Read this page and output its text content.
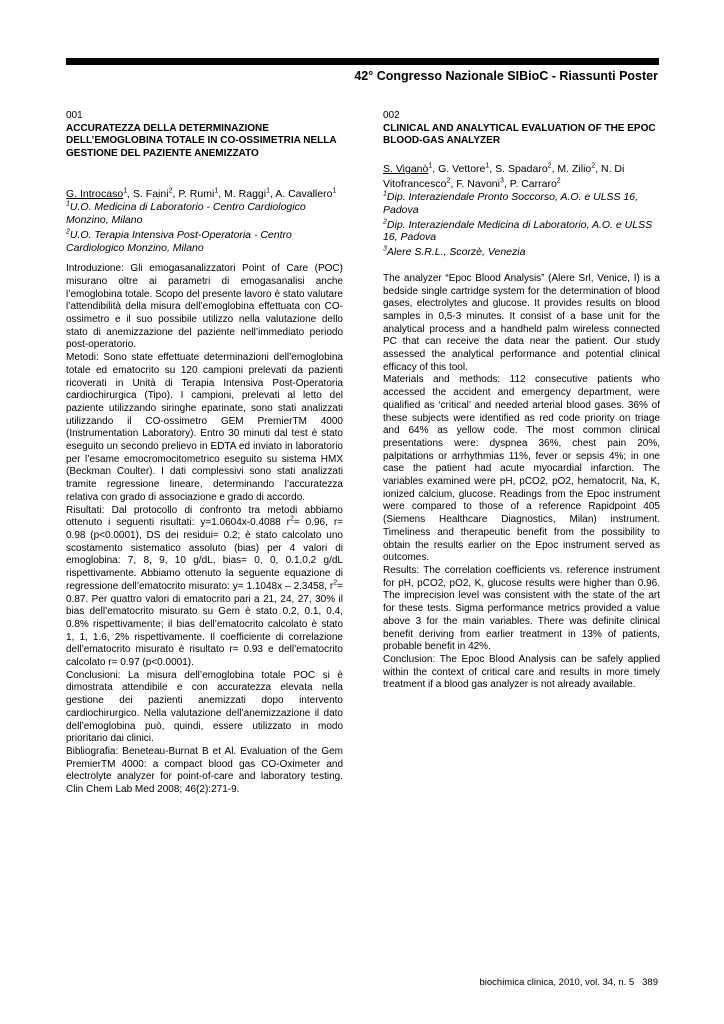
42° Congresso Nazionale SIBioC - Riassunti Poster

001

ACCURATEZZA DELLA DETERMINAZIONE DELL’EMOGLOBINA TOTALE IN CO-OSSIMETRIA NELLA GESTIONE DEL PAZIENTE ANEMIZZATO

G. Introcaso$^1$, S. Faini$^2$, P. Rumi$^1$, M. Raggi$^1$, A. Cavallero$^1$

$^1$U.O. Medicina di Laboratorio - Centro Cardiologico Monzino, Milano

$^2$U.O. Terapia Intensiva Post-Operatoria - Centro Cardiologico Monzino, Milano

Introduzione: Gli emogasanalizzatori Point of Care (POC) misurano oltre ai parametri di emogasanalisi anche l’emoglobina totale. Scopo del presente lavoro è stato valutare l’attendibilità della misura dell’emoglobina effettuata con CO-ossimetro e il suo possibile utilizzo nella valutazione dello stato di anemizzazione del paziente nell’immediato periodo post-operatorio.

Metodi: Sono state effettuate determinazioni dell’emoglobina totale ed ematocrito su 120 campioni prelevati da pazienti ricoverati in Unità di Terapia Intensiva Post-Operatoria cardiochirurgica (Tipo). I campioni, prelevati al letto del paziente utilizzando siringhe eparinate, sono stati analizzati utilizzando il CO-ossimetro GEM PremierTM 4000 (Instrumentation Laboratory). Entro 30 minuti dal test è stato eseguito un secondo prelievo in EDTA ed inviato in laboratorio per l’esame emocromocitometrico eseguito su sistema HMX (Beckman Coulter). I dati complessivi sono stati analizzati tramite regressione lineare, determinando l’accuratezza relativa con grado di associazione e grado di accordo.

Risultati: Dal protocollo di confronto tra metodi abbiamo ottenuto i seguenti risultati: y=1.0604x-0.4088 $r^2= 0.96$, r= 0.98 (p<0.0001), DS dei residui= 0.2; è stato calcolato uno scostamento sistematico assoluto (bias) per 4 valori di emoglobina: 7, 8, 9, 10 g/dL, bias= 0, 0, 0.1,0.2 g/dL rispettivamente. Abbiamo ottenuto la seguente equazione di regressione dell’ematocrito misurato: y= 1.1048x – 2.3458, $r^2= 0.87$. Per quattro valori di ematocrito pari a 21, 24, 27, 30% il bias dell’ematocrito misurato su Gem è stato 0.2, 0.1, 0.4, 0.8% rispettivamente; il bias dell’ematocrito calcolato è stato 1, 1, 1.6, 2% rispettivamente. Il coefficiente di correlazione dell’ematocrito misurato è risultato r= 0.93 e dell’ematocrito calcolato r= 0.97 (p<0.0001).

Conclusioni: La misura dell’emoglobina totale POC si è dimostrata attendibile e con accuratezza elevata nella gestione dei pazienti anemizzati dopo intervento cardiochirurgico. Nella valutazione dell’anemizzazione il dato dell’emoglobina può, quindi, essere utilizzato in modo prioritario dai clinici.

Bibliografia: Beneteau-Burnat B et Al. Evaluation of the Gem PremierTM 4000: a compact blood gas CO-Oximeter and electrolyte analyzer for point-of-care and laboratory testing. Clin Chem Lab Med 2008; 46(2):271-9.

002

CLINICAL AND ANALYTICAL EVALUATION OF THE EPOC BLOOD-GAS ANALYZER

S. Viganò$^1$, G. Vettore$^1$, S. Spadaro$^2$, M. Zilio$^2$, N. Di Vitofrancesco$^2$, F. Navoni$^3$, P. Carraro$^2$

$^1$Dip. Interaziendale Pronto Soccorso, A.O. e ULSS 16, Padova

$^2$Dip. Interaziendale Medicina di Laboratorio, A.O. e ULSS 16, Padova

$^3$Alere S.R.L., Scorzè, Venezia

The analyzer “Epoc Blood Analysis” (Alere Srl, Venice, I) is a bedside single cartridge system for the determination of blood gases, electrolytes and glucose. It provides results on blood samples in 0,5-3 minutes. It consist of a base unit for the analytical process and a handheld palm wireless connected PC that can receive the data near the patient. Our study assessed the analytical performance and potential clinical efficacy of this tool.

Materials and methods: 112 consecutive patients who accessed the accident and emergency department, were qualified as ‘critical’ and needed arterial blood gases. 36% of these subjects were identified as red code priority on triage and 64% as yellow code. The most common clinical presentations were: dyspnea 36%, chest pain 20%, palpitations or arrhythmias 11%, fever or sepsis 4%; in one case the patient had acute myocardial infarction. The variables examined were pH, pCO2, pO2, hematocrit, Na, K, ionized calcium, glucose. Readings from the Epoc instrument were compared to those of a reference Rapidpoint 405 (Siemens Healthcare Diagnostics, Milan) instrument. Timeliness and therapeutic benefit from the possibility to obtain the results earlier on the Epoc instrument served as outcomes.

Results: The correlation coefficients vs. reference instrument for pH, pCO2, pO2, K, glucose results were higher than 0.96. The imprecision level was consistent with the state of the art for these tests. Sigma performance metrics provided a value above 3 for the main variables. There was definite clinical benefit deriving from earlier treatment in 13% of patients, probable benefit in 42%.

Conclusion: The Epoc Blood Analysis can be safely applied within the context of critical care and results in more timely treatment if a blood gas analyzer is not already available.

biochimica clinica, 2010, vol. 34, n. 5 389
